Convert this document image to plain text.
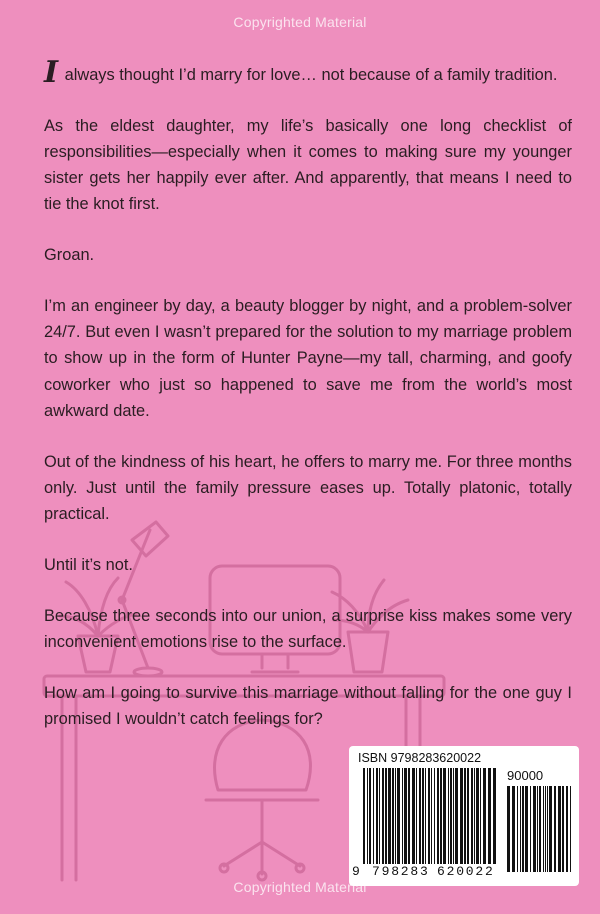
Copyrighted Material

I always thought I’d marry for love… not because of a family tradition.

As the eldest daughter, my life’s basically one long checklist of responsibilities—especially when it comes to making sure my younger sister gets her happily ever after. And apparently, that means I need to tie the knot first.

Groan.

I’m an engineer by day, a beauty blogger by night, and a problem-solver 24/7. But even I wasn’t prepared for the solution to my marriage problem to show up in the form of Hunter Payne—my tall, charming, and goofy coworker who just so happened to save me from the world’s most awkward date.

Out of the kindness of his heart, he offers to marry me. For three months only. Just until the family pressure eases up. Totally platonic, totally practical.

Until it’s not.

Because three seconds into our union, a surprise kiss makes some very inconvenient emotions rise to the surface.

How am I going to survive this marriage without falling for the one guy I promised I wouldn’t catch feelings for?

ISBN 9798283620022
90000
9 798283 620022
Copyrighted Material
